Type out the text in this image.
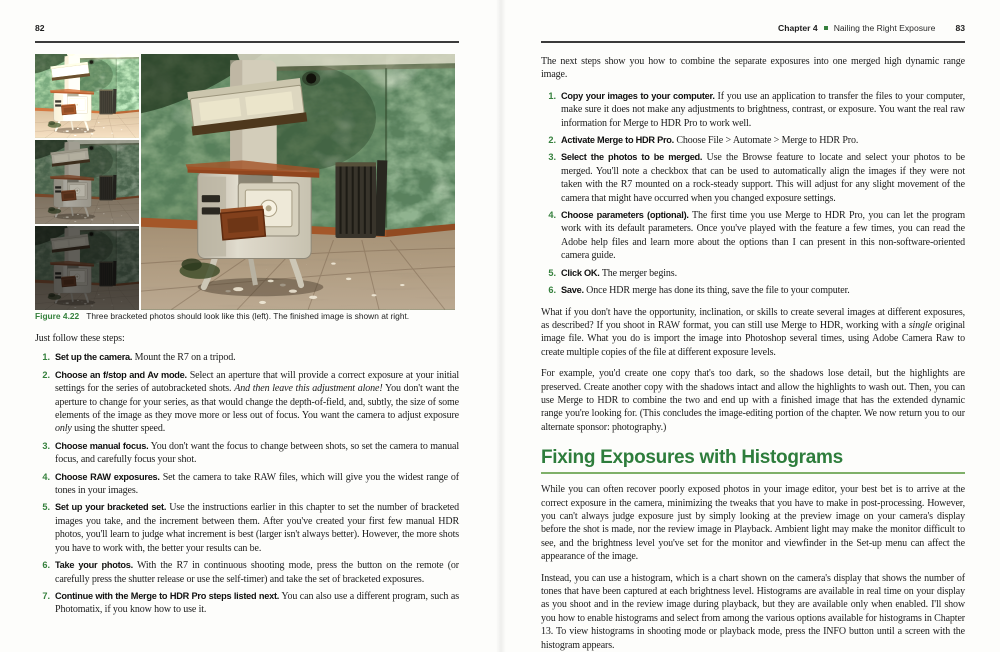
82

Figure 4.22 Three bracketed photos should look like this (left). The finished image is shown at right.

Just follow these steps:

1. Set up the camera. Mount the R7 on a tripod.
2. Choose an f/stop and Av mode. Select an aperture that will provide a correct exposure at your initial settings for the series of autobracketed shots. And then leave this adjustment alone! You don't want the aperture to change for your series, as that would change the depth-of-field, and, subtly, the size of some elements of the image as they move more or less out of focus. You want the camera to adjust exposure only using the shutter speed.
3. Choose manual focus. You don't want the focus to change between shots, so set the camera to manual focus, and carefully focus your shot.
4. Choose RAW exposures. Set the camera to take RAW files, which will give you the widest range of tones in your images.
5. Set up your bracketed set. Use the instructions earlier in this chapter to set the number of bracketed images you take, and the increment between them. After you've created your first few manual HDR photos, you'll learn to judge what increment is best (larger isn't always better). However, the more shots you have to work with, the better your results can be.
6. Take your photos. With the R7 in continuous shooting mode, press the button on the remote (or carefully press the shutter release or use the self-timer) and take the set of bracketed exposures.
7. Continue with the Merge to HDR Pro steps listed next. You can also use a different program, such as Photomatix, if you know how to use it.
Chapter 4 Nailing the Right Exposure 83

The next steps show you how to combine the separate exposures into one merged high dynamic range image.

1. Copy your images to your computer. If you use an application to transfer the files to your computer, make sure it does not make any adjustments to brightness, contrast, or exposure. You want the real raw information for Merge to HDR Pro to work well.
2. Activate Merge to HDR Pro. Choose File > Automate > Merge to HDR Pro.
3. Select the photos to be merged. Use the Browse feature to locate and select your photos to be merged. You'll note a checkbox that can be used to automatically align the images if they were not taken with the R7 mounted on a rock-steady support. This will adjust for any slight movement of the camera that might have occurred when you changed exposure settings.
4. Choose parameters (optional). The first time you use Merge to HDR Pro, you can let the program work with its default parameters. Once you've played with the feature a few times, you can read the Adobe help files and learn more about the options than I can present in this non-software-oriented camera guide.
5. Click OK. The merger begins.
6. Save. Once HDR merge has done its thing, save the file to your computer.

What if you don't have the opportunity, inclination, or skills to create several images at different exposures, as described? If you shoot in RAW format, you can still use Merge to HDR, working with a single original image file. What you do is import the image into Photoshop several times, using Adobe Camera Raw to create multiple copies of the file at different exposure levels.

For example, you'd create one copy that's too dark, so the shadows lose detail, but the highlights are preserved. Create another copy with the shadows intact and allow the highlights to wash out. Then, you can use Merge to HDR to combine the two and end up with a finished image that has the extended dynamic range you're looking for. (This concludes the image-editing portion of the chapter. We now return you to our alternate sponsor: photography.)

Fixing Exposures with Histograms

While you can often recover poorly exposed photos in your image editor, your best bet is to arrive at the correct exposure in the camera, minimizing the tweaks that you have to make in post-processing. However, you can't always judge exposure just by simply looking at the preview image on your camera's display before the shot is made, nor the review image in Playback. Ambient light may make the monitor difficult to see, and the brightness level you've set for the monitor and viewfinder in the Set-up menu can affect the appearance of the image.

Instead, you can use a histogram, which is a chart shown on the camera's display that shows the number of tones that have been captured at each brightness level. Histograms are available in real time on your display as you shoot and in the review image during playback, but they are available only when enabled. I'll show you how to enable histograms and select from among the various options available for histograms in Chapter 13. To view histograms in shooting mode or playback mode, press the INFO button until a screen with the histogram appears.
